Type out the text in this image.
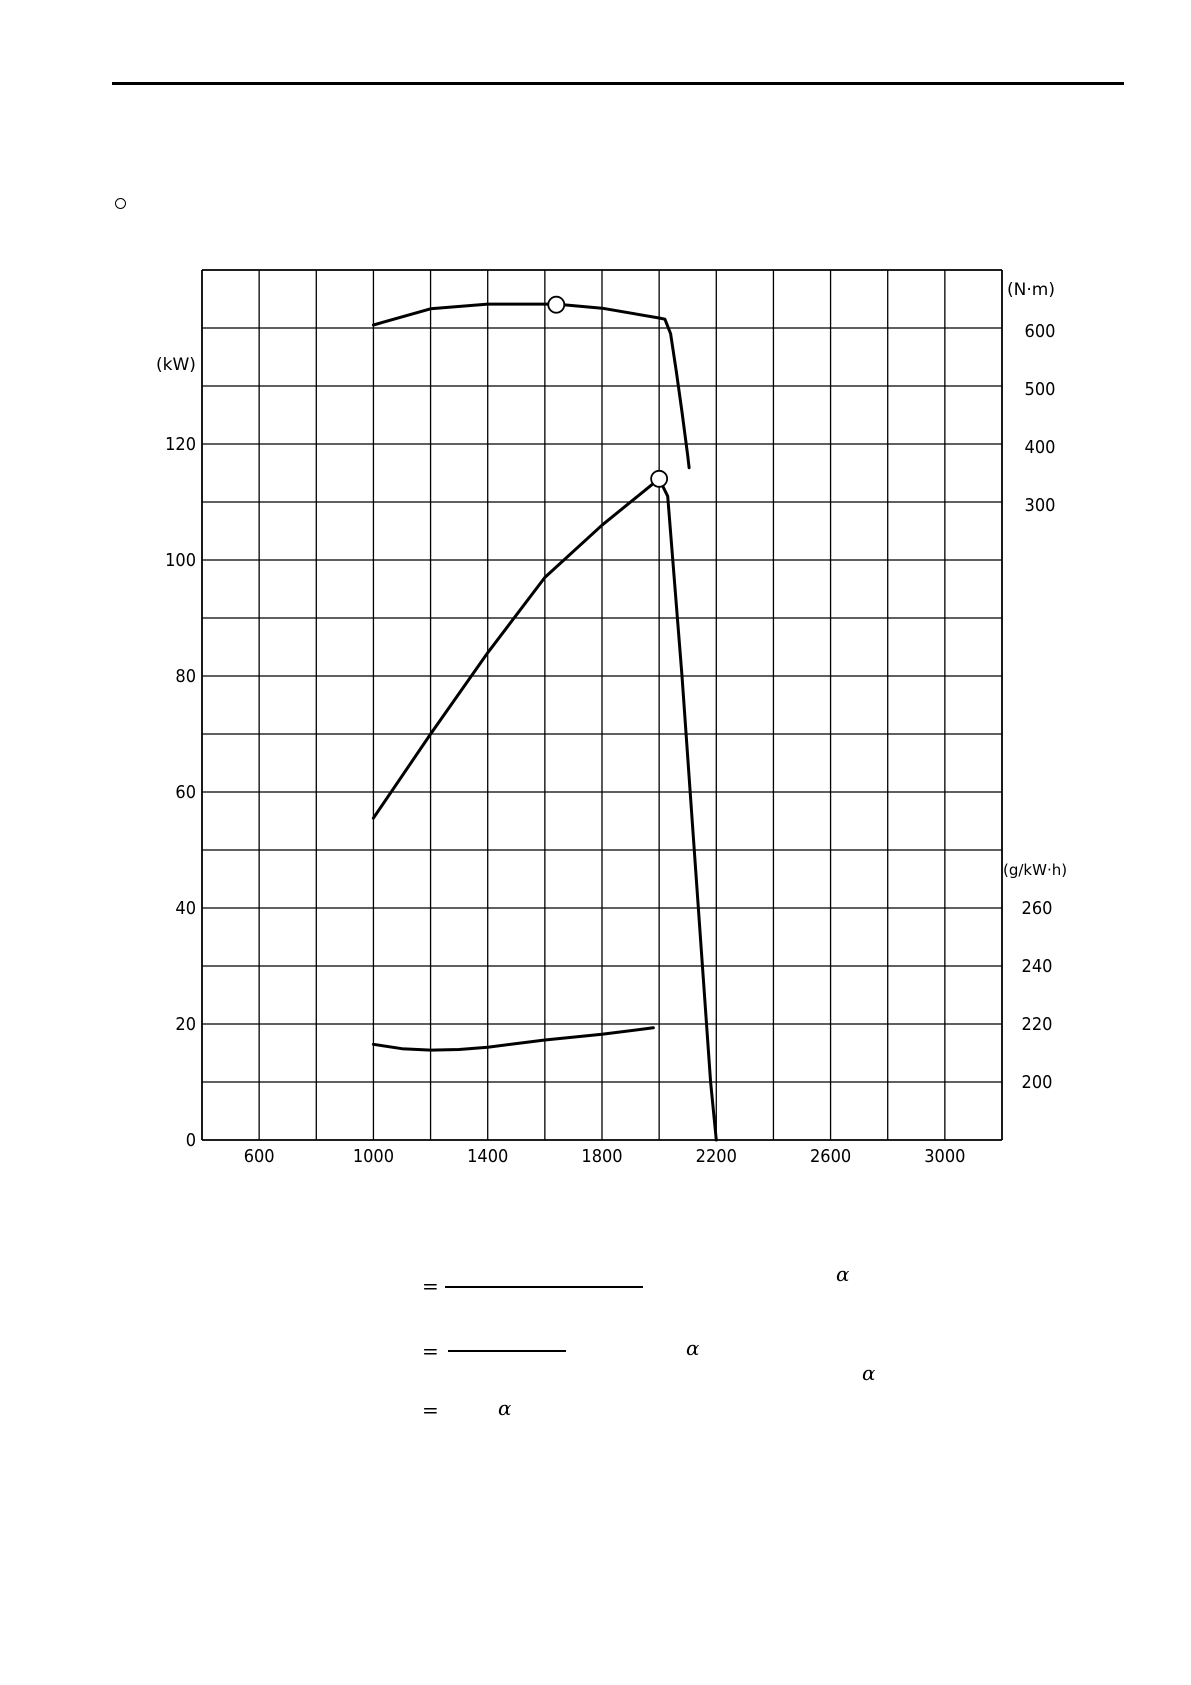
0
20
40
60
80
100
120
600	1000	1400	1800	2200	2600	3000
300
400
500
600
200
220
240
260
(kW)
(N·m)
(g/kW·h)
=	α
=	α
α
=	α
